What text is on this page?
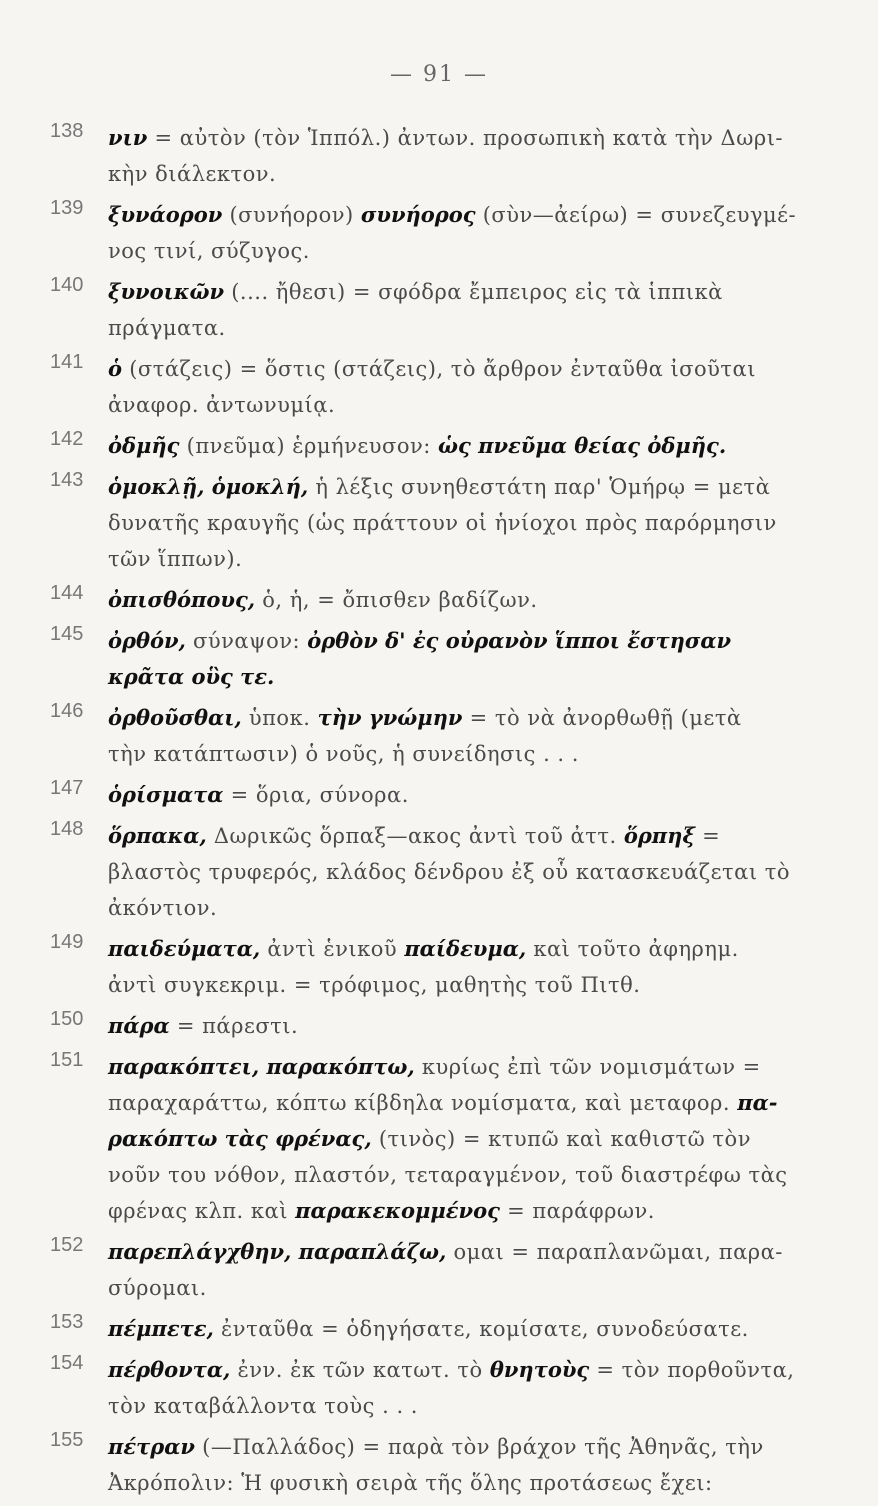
— 91 —
138 νιν = αὐτὸν (τὸν Ἱππόλ.) ἀντων. προσωπικὴ κατὰ τὴν Δωρι-
κὴν διάλεκτον.
139 ξυνάορον (συνήορον) συνήορος (σὺν—ἀείρω) = συνεζευγμέ-
νος τινί, σύζυγος.
140 ξυνοικῶν (.... ἤθεσι) = σφόδρα ἔμπειρος εἰς τὰ ἱππικὰ
πράγματα.
141 ὁ (στάζεις) = ὅστις (στάζεις), τὸ ἄρθρον ἐνταῦθα ἰσοῦται
ἀναφορ. ἀντωνυμίᾳ.
142 ὀδμῆς (πνεῦμα) ἑρμήνευσον: ὡς πνεῦμα θείας ὀδμῆς.
143 ὁμοκλῇ, ὁμοκλή, ἡ λέξις συνηθεστάτη παρ' Ὁμήρῳ = μετὰ
δυνατῆς κραυγῆς (ὡς πράττουν οἱ ἡνίοχοι πρὸς παρόρμησιν
τῶν ἵππων).
144 ὀπισθόπους, ὁ, ἡ, = ὄπισθεν βαδίζων.
145 ὀρθόν, σύναψον: ὀρθὸν δ' ἐς οὐρανὸν ἵπποι ἔστησαν
κρᾶτα οὓς τε.
146 ὀρθοῦσθαι, ὑποκ. τὴν γνώμην = τὸ νὰ ἀνορθωθῇ (μετὰ
τὴν κατάπτωσιν) ὁ νοῦς, ἡ συνείδησις . . .
147 ὁρίσματα = ὅρια, σύνορα.
148 ὅρπακα, Δωρικῶς ὅρπαξ—ακος ἀντὶ τοῦ ἀττ. ὅρπηξ =
βλαστὸς τρυφερός, κλάδος δένδρου ἐξ οὗ κατασκευάζεται τὸ
ἀκόντιον.
149 παιδεύματα, ἀντὶ ἑνικοῦ παίδευμα, καὶ τοῦτο ἀφηρημ.
ἀντὶ συγκεκριμ. = τρόφιμος, μαθητὴς τοῦ Πιτθ.
150 πάρα = πάρεστι.
151 παρακόπτει, παρακόπτω, κυρίως ἐπὶ τῶν νομισμάτων =
παραχαράττω, κόπτω κίβδηλα νομίσματα, καὶ μεταφορ. πα-
ρακόπτω τὰς φρένας, (τινὸς) = κτυπῶ καὶ καθιστῶ τὸν
νοῦν του νόθον, πλαστόν, τεταραγμένον, τοῦ διαστρέφω τὰς
φρένας κλπ. καὶ παρακεκομμένος = παράφρων.
152 παρεπλάγχθην, παραπλάζω, ομαι = παραπλανῶμαι, παρα-
σύρομαι.
153 πέμπετε, ἐνταῦθα = ὁδηγήσατε, κομίσατε, συνοδεύσατε.
154 πέρθοντα, ἐνν. ἐκ τῶν κατωτ. τὸ θνητοὺς = τὸν πορθοῦντα,
τὸν καταβάλλοντα τοὺς . . .
155 πέτραν (—Παλλάδος) = παρὰ τὸν βράχον τῆς Ἀθηνᾶς, τὴν
Ἀκρόπολιν: Ἡ φυσικὴ σειρὰ τῆς ὅλης προτάσεως ἔχει:
